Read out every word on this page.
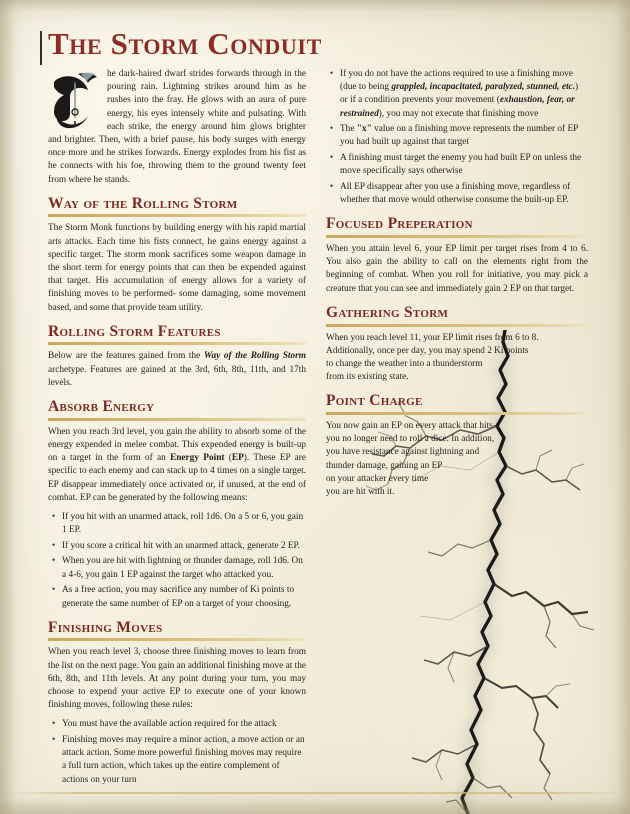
The Storm Conduit

he dark-haired dwarf strides forwards through in the pouring rain. Lightning strikes around him as he rushes into the fray. He glows with an aura of pure energy, his eyes intensely white and pulsating. With each strike, the energy around him glows brighter and brighter. Then, with a brief pause, his body surges with energy once more and he strikes forwards. Energy explodes from his fist as he connects with his foe, throwing them to the ground twenty feet from where he stands.

Way of the Rolling Storm

The Storm Monk functions by building energy with his rapid martial arts attacks. Each time his fists connect, he gains energy against a specific target. The storm monk sacrifices some weapon damage in the short term for energy points that can then be expended against that target. His accumulation of energy allows for a variety of finishing moves to be performed- some damaging, some movement based, and some that provide team utility.

Rolling Storm Features

Below are the features gained from the Way of the Rolling Storm archetype. Features are gained at the 3rd, 6th, 8th, 11th, and 17th levels.

Absorb Energy

When you reach 3rd level, you gain the ability to absorb some of the energy expended in melee combat. This expended energy is built-up on a target in the form of an Energy Point (EP). These EP are specific to each enemy and can stack up to 4 times on a single target. EP disappear immediately once activated or, if unused, at the end of combat. EP can be generated by the following means:

• If you hit with an unarmed attack, roll 1d6. On a 5 or 6, you gain 1 EP.
• If you score a critical hit with an unarmed attack, generate 2 EP.
• When you are hit with lightning or thunder damage, roll 1d6. On a 4-6, you gain 1 EP against the target who attacked you.
• As a free action, you may sacrifice any number of Ki points to generate the same number of EP on a target of your choosing.
Finishing Moves

When you reach level 3, choose three finishing moves to learn from the list on the next page. You gain an additional finishing move at the 6th, 8th, and 11th levels. At any point during your turn, you may choose to expend your active EP to execute one of your known finishing moves, following these rules:

• You must have the available action required for the attack
• Finishing moves may require a minor action, a move action or an attack action. Some more powerful finishing moves may require a full turn action, which takes up the entire complement of actions on your turn
• If you do not have the actions required to use a finishing move (due to being grappled, incapacitated, paralyzed, stunned, etc.) or if a condition prevents your movement (exhaustion, fear, or restrained), you may not execute that finishing move
• The "x" value on a finishing move represents the number of EP you had built up against that target
• A finishing must target the enemy you had built EP on unless the move specifically says otherwise
• All EP disappear after you use a finishing move, regardless of whether that move would otherwise consume the built-up EP.
Focused Preperation

When you attain level 6, your EP limit per target rises from 4 to 6. You also gain the ability to call on the elements right from the beginning of combat. When you roll for initiative, you may pick a creature that you can see and immediately gain 2 EP on that target.

Gathering Storm

When you reach level 11, your EP limit rises from 6 to 8.
Additionally, once per day, you may spend 2 Ki points
to change the weather into a thunderstorm
from its existing state.

Point Charge

You now gain an EP on every attack that hits-
you no longer need to roll a dice. In addition,
you have resistance against lightning and
thunder damage, gaining an EP
on your attacker every time
you are hit with it.
